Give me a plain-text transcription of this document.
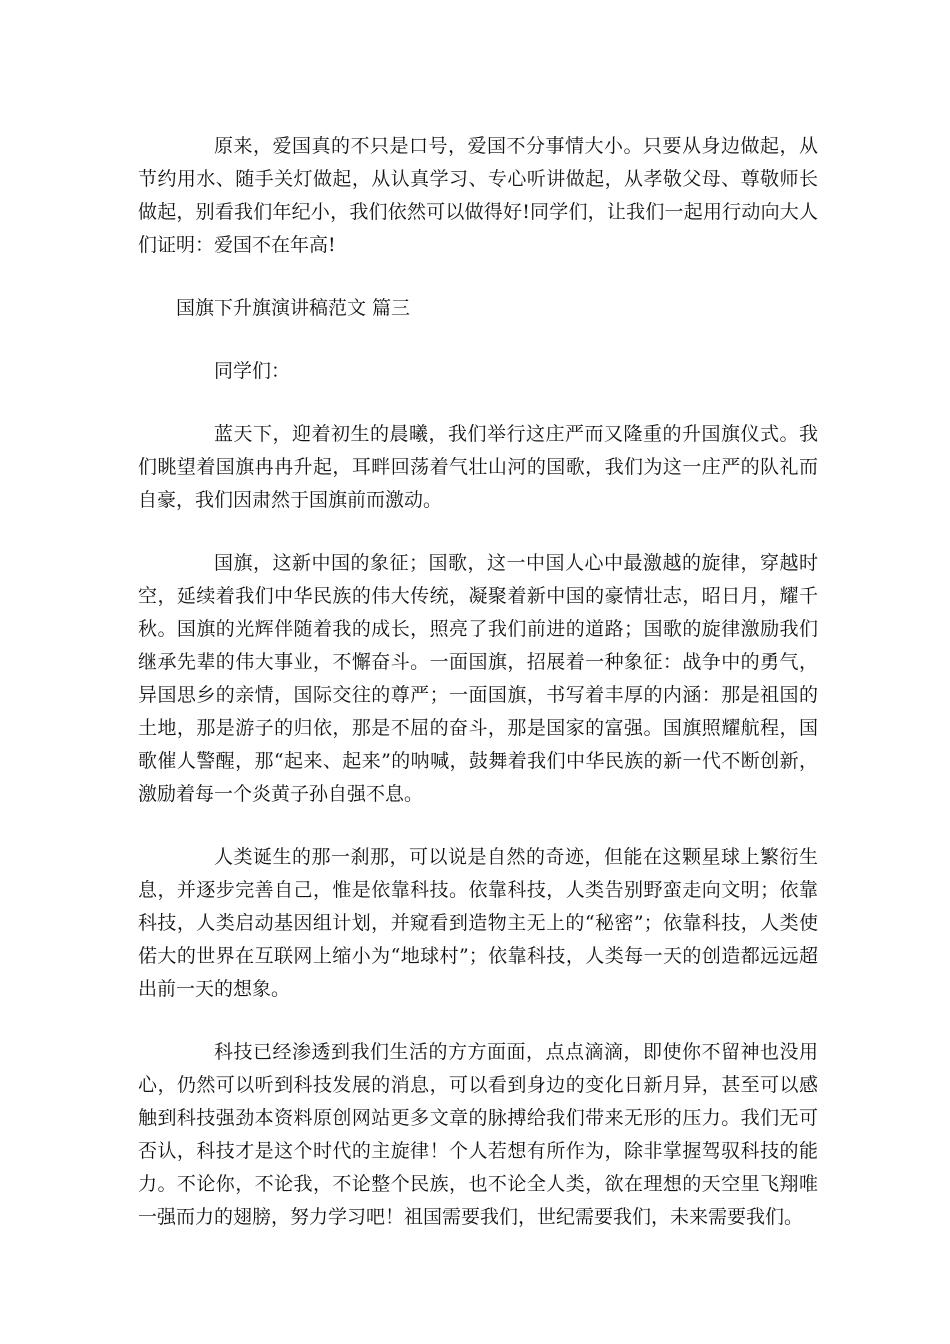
原来，爱国真的不只是口号，爱国不分事情大小。只要从身边做起，从节约用水、随手关灯做起，从认真学习、专心听讲做起，从孝敬父母、尊敬师长做起，别看我们年纪小，我们依然可以做得好!同学们，让我们一起用行动向大人们证明：爱国不在年高!

国旗下升旗演讲稿范文 篇三

同学们：

蓝天下，迎着初生的晨曦，我们举行这庄严而又隆重的升国旗仪式。我们眺望着国旗冉冉升起，耳畔回荡着气壮山河的国歌，我们为这一庄严的队礼而自豪，我们因肃然于国旗前而激动。

国旗，这新中国的象征；国歌，这一中国人心中最激越的旋律，穿越时空，延续着我们中华民族的伟大传统，凝聚着新中国的豪情壮志，昭日月，耀千秋。国旗的光辉伴随着我的成长，照亮了我们前进的道路；国歌的旋律激励我们继承先辈的伟大事业，不懈奋斗。一面国旗，招展着一种象征：战争中的勇气，异国思乡的亲情，国际交往的尊严；一面国旗，书写着丰厚的内涵：那是祖国的土地，那是游子的归依，那是不屈的奋斗，那是国家的富强。国旗照耀航程，国歌催人警醒，那“起来、起来”的呐喊，鼓舞着我们中华民族的新一代不断创新，激励着每一个炎黄子孙自强不息。

人类诞生的那一刹那，可以说是自然的奇迹，但能在这颗星球上繁衍生息，并逐步完善自己，惟是依靠科技。依靠科技，人类告别野蛮走向文明；依靠科技，人类启动基因组计划，并窥看到造物主无上的“秘密”；依靠科技，人类使偌大的世界在互联网上缩小为“地球村”；依靠科技，人类每一天的创造都远远超出前一天的想象。

科技已经渗透到我们生活的方方面面，点点滴滴，即使你不留神也没用心，仍然可以听到科技发展的消息，可以看到身边的变化日新月异，甚至可以感触到科技强劲本资料原创网站更多文章的脉搏给我们带来无形的压力。我们无可否认，科技才是这个时代的主旋律！个人若想有所作为，除非掌握驾驭科技的能力。不论你，不论我，不论整个民族，也不论全人类，欲在理想的天空里飞翔唯一强而力的翅膀，努力学习吧！祖国需要我们，世纪需要我们，未来需要我们。
